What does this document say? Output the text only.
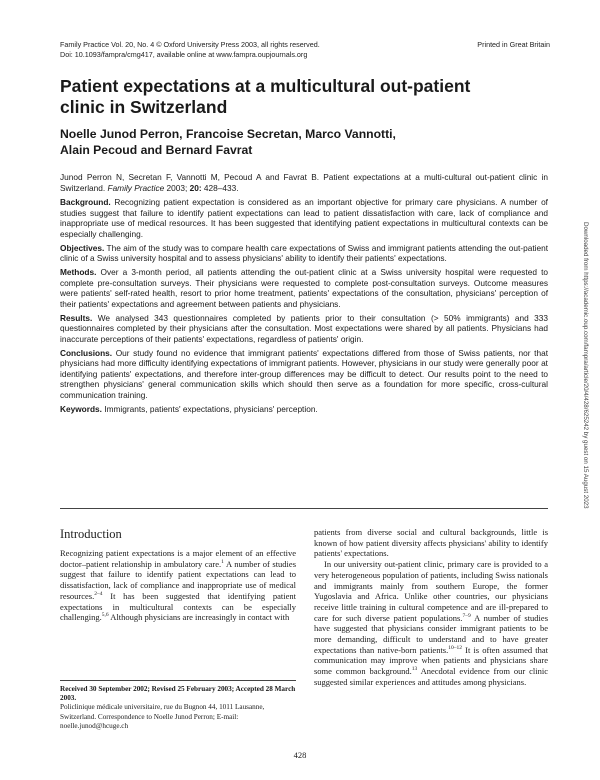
Family Practice Vol. 20, No. 4 © Oxford University Press 2003, all rights reserved.
Doi: 10.1093/fampra/cmg417, available online at www.fampra.oupjournals.org
Printed in Great Britain
Patient expectations at a multicultural out-patient
clinic in Switzerland
Noelle Junod Perron, Francoise Secretan, Marco Vannotti,
Alain Pecoud and Bernard Favrat

Junod Perron N, Secretan F, Vannotti M, Pecoud A and Favrat B. Patient expectations at a multi-cultural out-patient clinic in Switzerland. Family Practice 2003; 20: 428–433.

Background. Recognizing patient expectation is considered as an important objective for primary care physicians. A number of studies suggest that failure to identify patient expectations can lead to patient dissatisfaction with care, lack of compliance and inappropriate use of medical resources. It has been suggested that identifying patient expectations in multicultural contexts can be especially challenging.

Objectives. The aim of the study was to compare health care expectations of Swiss and immigrant patients attending the out-patient clinic of a Swiss university hospital and to assess physicians' ability to identify their patients' expectations.

Methods. Over a 3-month period, all patients attending the out-patient clinic at a Swiss university hospital were requested to complete pre-consultation surveys. Their physicians were requested to complete post-consultation surveys. Outcome measures were patients' self-rated health, resort to prior home treatment, patients' expectations of the consultation, physicians' perception of their patients' expectations and agreement between patients and physicians.

Results. We analysed 343 questionnaires completed by patients prior to their consultation (> 50% immigrants) and 333 questionnaires completed by their physicians after the consultation. Most expectations were shared by all patients. Physicians had inaccurate perceptions of their patients' expectations, regardless of patients' origin.

Conclusions. Our study found no evidence that immigrant patients' expectations differed from those of Swiss patients, nor that physicians had more difficulty identifying expectations of immigrant patients. However, physicians in our study were generally poor at identifying patients' expectations, and therefore inter-group differences may be difficult to detect. Our results point to the need to strengthen physicians' general communication skills which should then serve as a foundation for more specific, cross-cultural communication training.

Keywords. Immigrants, patients' expectations, physicians' perception.

Introduction

Recognizing patient expectations is a major element of an effective doctor–patient relationship in ambulatory care.$^1$ A number of studies suggest that failure to identify patient expectations can lead to dissatisfaction, lack of compliance and inappropriate use of medical resources.$^{2-4}$ It has been suggested that identifying patient expectations in multicultural contexts can be especially challenging.$^{5,6}$ Although physicians are increasingly in contact with

Received 30 September 2002; Revised 25 February 2003; Accepted 28 March 2003.
Policlinique médicale universitaire, rue du Bugnon 44, 1011 Lausanne, Switzerland. Correspondence to Noelle Junod Perron; E-mail: noelle.junod@hcuge.ch

patients from diverse social and cultural backgrounds, little is known of how patient diversity affects physicians' ability to identify patients' expectations.

In our university out-patient clinic, primary care is provided to a very heterogeneous population of patients, including Swiss nationals and immigrants mainly from southern Europe, the former Yugoslavia and Africa. Unlike other countries, our physicians receive little training in cultural competence and are ill-prepared to care for such diverse patient populations.$^{7-9}$ A number of studies have suggested that physicians consider immigrant patients to be more demanding, difficult to understand and to have greater expectations than native-born patients.$^{10-12}$ It is often assumed that communication may improve when patients and physicians share some common background.$^{13}$ Anecdotal evidence from our clinic suggested similar experiences and attitudes among physicians.

428
Downloaded from https://academic.oup.com/fampra/article/20/4/428/625242 by guest on 15 August 2023
